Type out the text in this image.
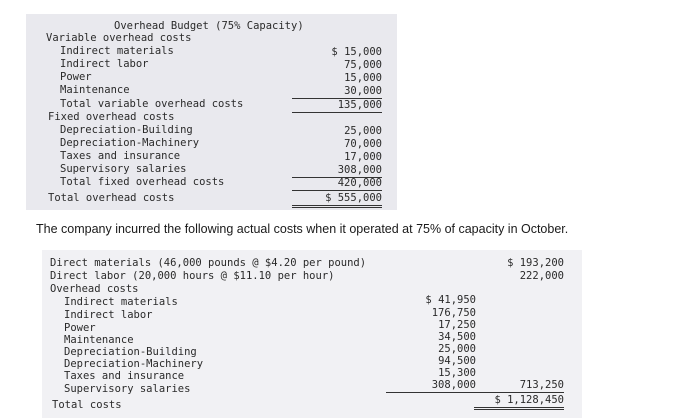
Overhead Budget (75% Capacity)
Variable overhead costs
Indirect materials	$ 15,000
Indirect labor	75,000
Power	15,000
Maintenance	30,000
Total variable overhead costs	135,000
Fixed overhead costs
Depreciation-Building	25,000
Depreciation-Machinery	70,000
Taxes and insurance	17,000
Supervisory salaries	308,000
Total fixed overhead costs	420,000
Total overhead costs	$ 555,000
The company incurred the following actual costs when it operated at 75% of capacity in October.
Direct materials (46,000 pounds @ $4.20 per pound)	$ 193,200
Direct labor (20,000 hours @ $11.10 per hour)	222,000
Overhead costs
Indirect materials	$ 41,950
Indirect labor	176,750
Power	17,250
Maintenance	34,500
Depreciation-Building	25,000
Depreciation-Machinery	94,500
Taxes and insurance	15,300
Supervisory salaries	308,000	713,250
Total costs	$ 1,128,450
